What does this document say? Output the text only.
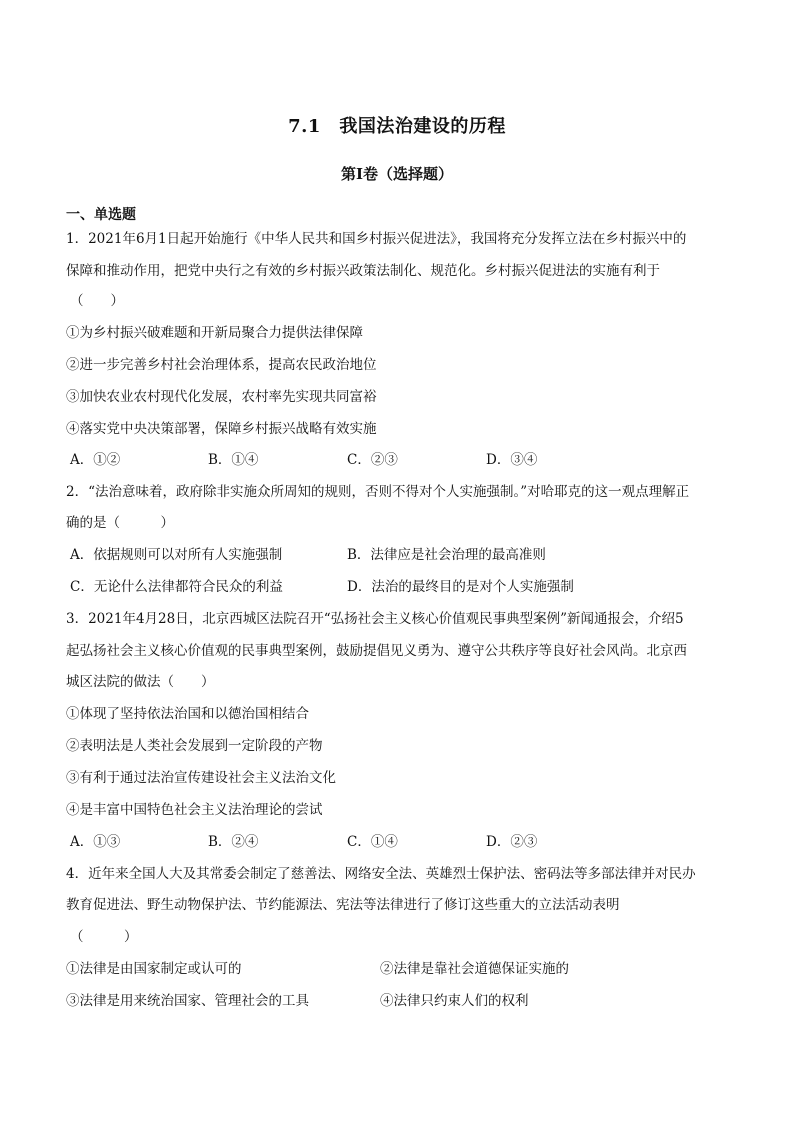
7.1　我国法治建设的历程
第I卷（选择题）
一、单选题
1．2021年6月1日起开始施行《中华人民共和国乡村振兴促进法》，我国将充分发挥立法在乡村振兴中的
保障和推动作用，把党中央行之有效的乡村振兴政策法制化、规范化。乡村振兴促进法的实施有利于
（　　）
①为乡村振兴破难题和开新局聚合力提供法律保障
②进一步完善乡村社会治理体系，提高农民政治地位
③加快农业农村现代化发展，农村率先实现共同富裕
④落实党中央决策部署，保障乡村振兴战略有效实施
A．①②	B．①④	C．②③	D．③④
2．“法治意味着，政府除非实施众所周知的规则，否则不得对个人实施强制。”对哈耶克的这一观点理解正
确的是（　　　）
A．依据规则可以对所有人实施强制	B．法律应是社会治理的最高准则
C．无论什么法律都符合民众的利益	D．法治的最终目的是对个人实施强制
3．2021年4月28日，北京西城区法院召开“弘扬社会主义核心价值观民事典型案例”新闻通报会，介绍5
起弘扬社会主义核心价值观的民事典型案例，鼓励提倡见义勇为、遵守公共秩序等良好社会风尚。北京西
城区法院的做法（　　）
①体现了坚持依法治国和以德治国相结合
②表明法是人类社会发展到一定阶段的产物
③有利于通过法治宣传建设社会主义法治文化
④是丰富中国特色社会主义法治理论的尝试
A．①③	B．②④	C．①④	D．②③
4．近年来全国人大及其常委会制定了慈善法、网络安全法、英雄烈士保护法、密码法等多部法律并对民办
教育促进法、野生动物保护法、节约能源法、宪法等法律进行了修订这些重大的立法活动表明
（　　　）
①法律是由国家制定或认可的	②法律是靠社会道德保证实施的
③法律是用来统治国家、管理社会的工具	④法律只约束人们的权利
